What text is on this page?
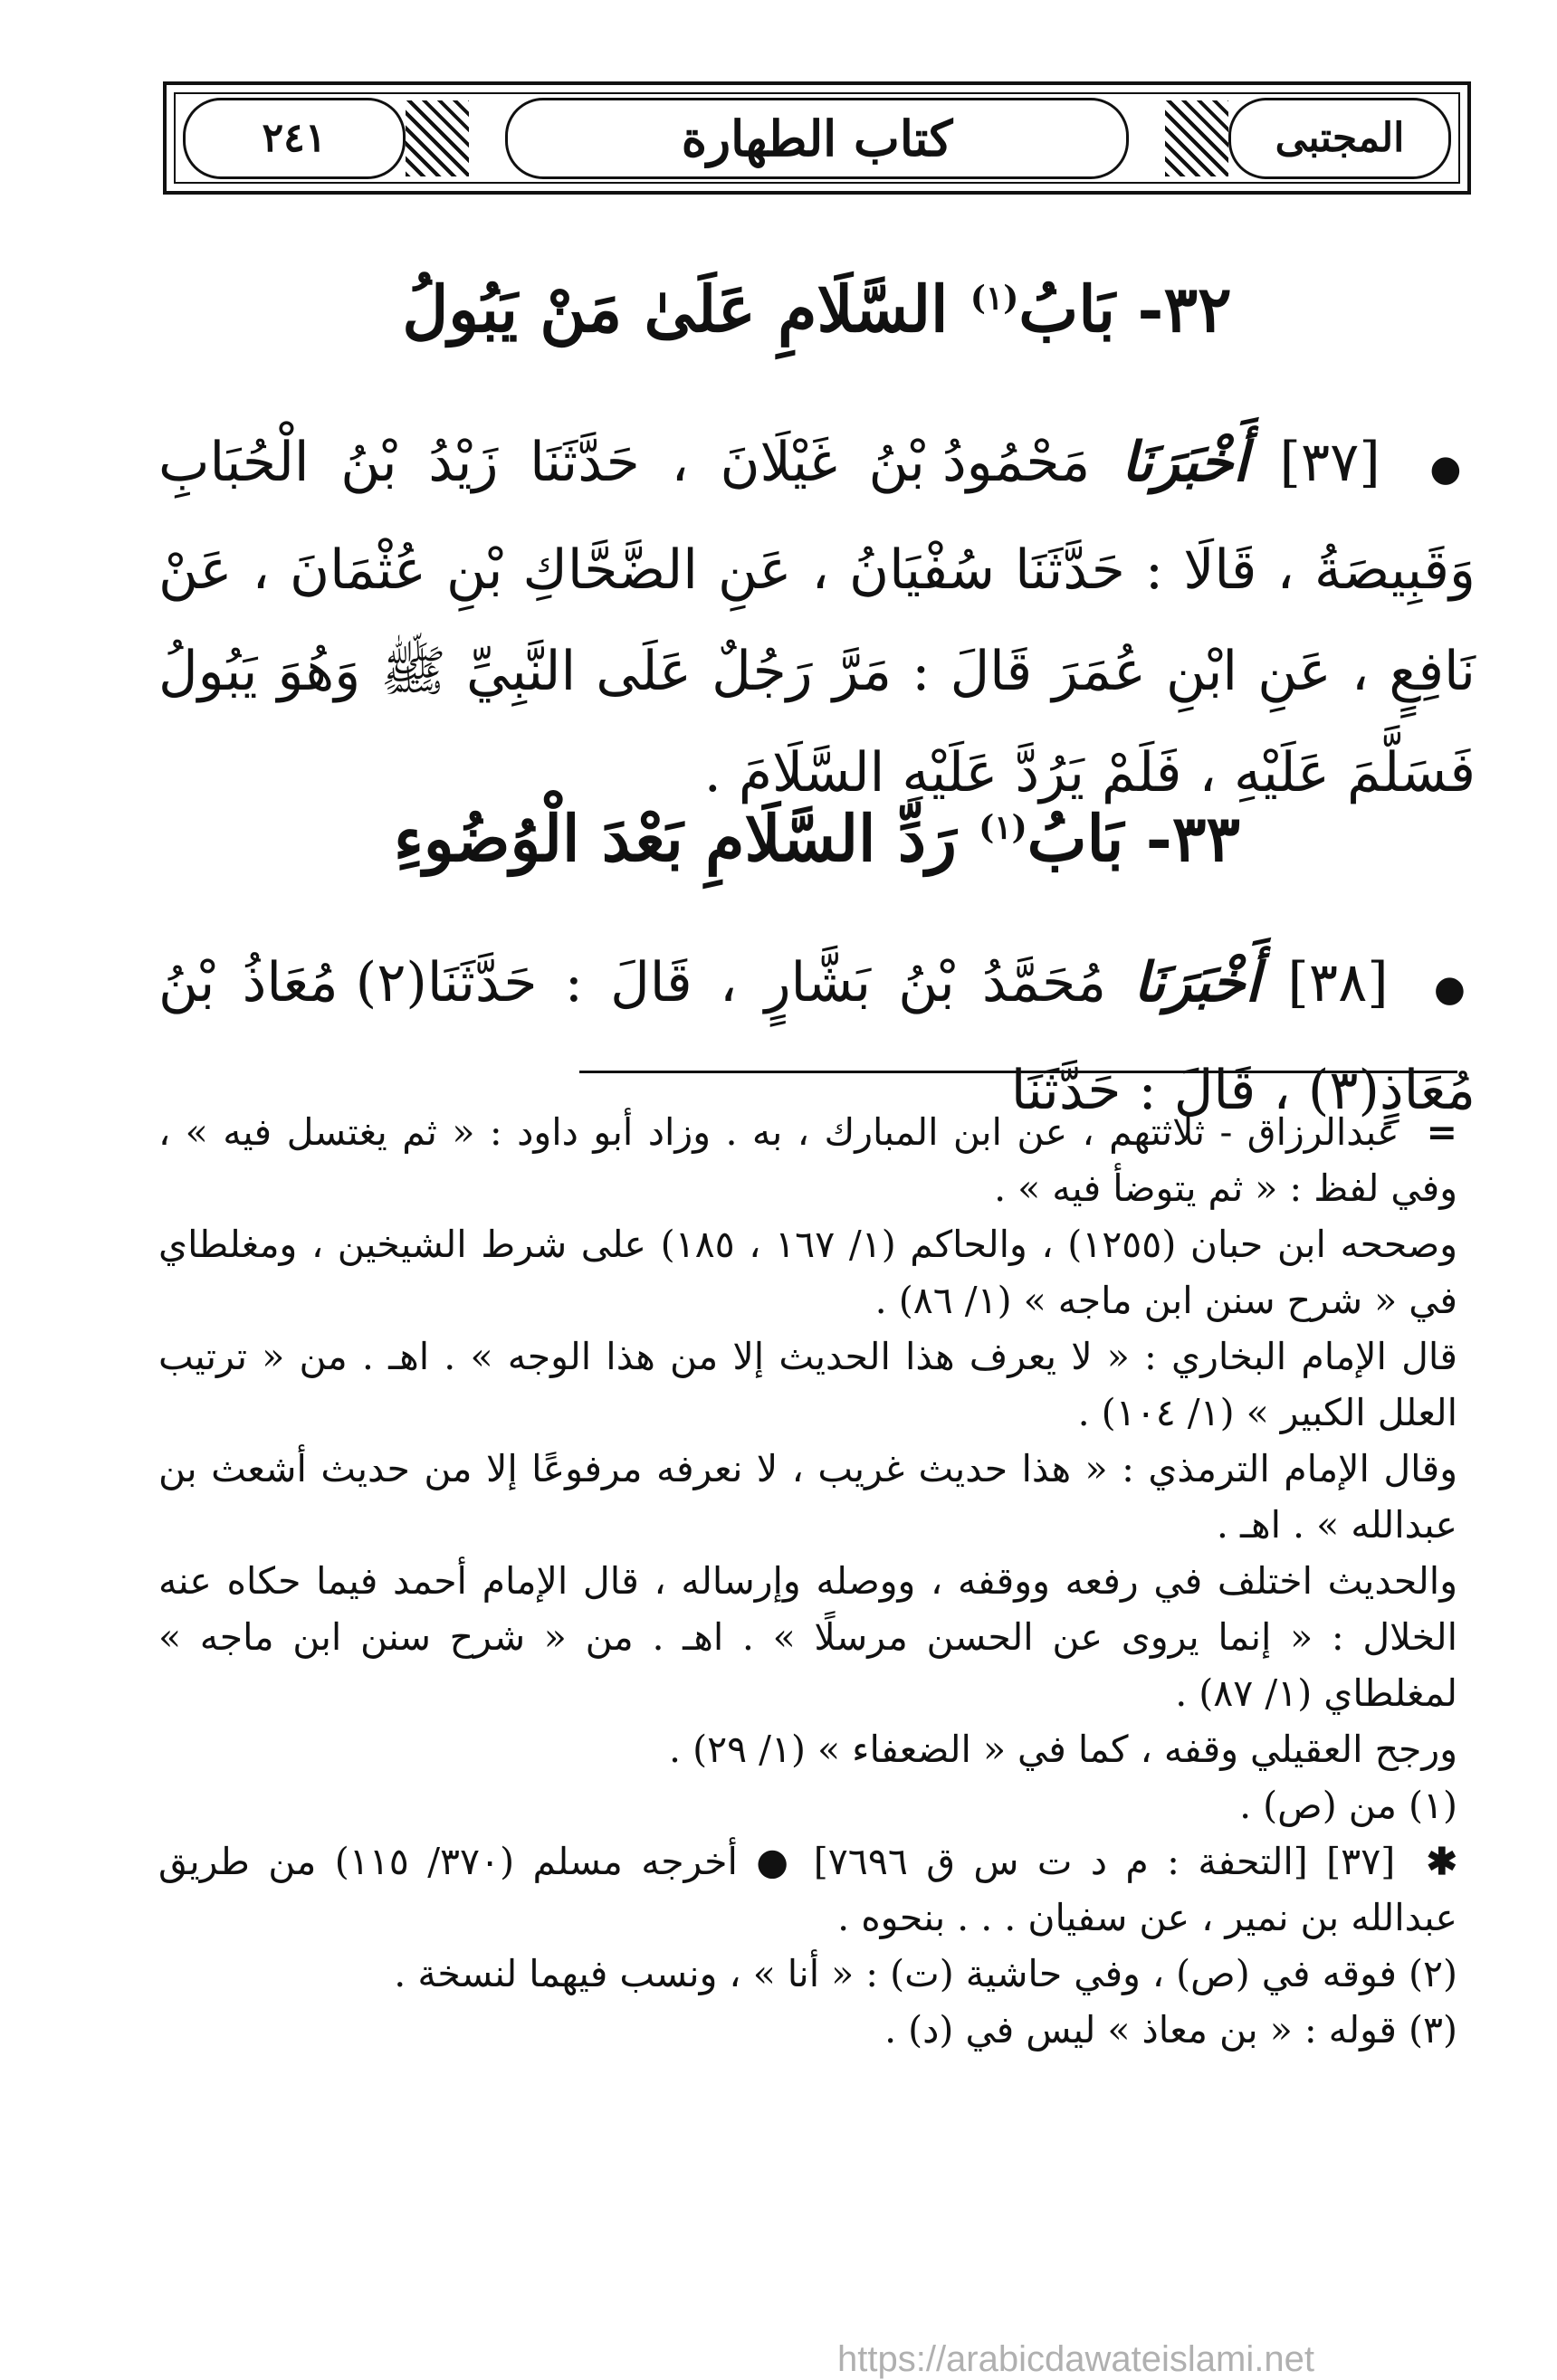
المجتبى
كتاب الطهارة
٢٤١
٣٢- بَابُ$^{(١)}$ السَّلَامِ عَلَىٰ مَنْ يَبُولُ
● [٣٧] أَخْبَرَنَا مَحْمُودُ بْنُ غَيْلَانَ ، حَدَّثَنَا زَيْدُ بْنُ الْحُبَابِ وَقَبِيصَةُ ، قَالَا : حَدَّثَنَا سُفْيَانُ ، عَنِ الضَّحَّاكِ بْنِ عُثْمَانَ ، عَنْ نَافِعٍ ، عَنِ ابْنِ عُمَرَ قَالَ : مَرَّ رَجُلٌ عَلَى النَّبِيِّ ﷺ وَهُوَ يَبُولُ فَسَلَّمَ عَلَيْهِ ، فَلَمْ يَرُدَّ عَلَيْهِ السَّلَامَ .
٣٣- بَابُ$^{(١)}$ رَدِّ السَّلَامِ بَعْدَ الْوُضُوءِ
● [٣٨] أَخْبَرَنَا مُحَمَّدُ بْنُ بَشَّارٍ ، قَالَ : حَدَّثَنَا(٢) مُعَاذُ بْنُ مُعَاذٍ(٣) ، قَالَ : حَدَّثَنَا
=عبدالرزاق - ثلاثتهم ، عن ابن المبارك ، به . وزاد أبو داود : « ثم يغتسل فيه » ، وفي لفظ : « ثم يتوضأ فيه » .
وصححه ابن حبان (١٢٥٥) ، والحاكم (١/ ١٦٧ ، ١٨٥) على شرط الشيخين ، ومغلطاي في « شرح سنن ابن ماجه » (١/ ٨٦) .
قال الإمام البخاري : « لا يعرف هذا الحديث إلا من هذا الوجه » . اهـ . من « ترتيب العلل الكبير » (١/ ١٠٤) .
وقال الإمام الترمذي : « هذا حديث غريب ، لا نعرفه مرفوعًا إلا من حديث أشعث بن عبدالله » . اهـ .
والحديث اختلف في رفعه ووقفه ، ووصله وإرساله ، قال الإمام أحمد فيما حكاه عنه الخلال : « إنما يروى عن الحسن مرسلًا » . اهـ . من « شرح سنن ابن ماجه » لمغلطاي (١/ ٨٧) .
ورجح العقيلي وقفه ، كما في « الضعفاء » (١/ ٢٩) .
(١) من (ص) .
✱ [٣٧] [التحفة : م د ت س ق ٧٦٩٦] ● أخرجه مسلم (٣٧٠/ ١١٥) من طريق عبدالله بن نمير ، عن سفيان . . . بنحوه .
(٢) فوقه في (ص) ، وفي حاشية (ت) : « أنا » ، ونسب فيهما لنسخة .
(٣) قوله : « بن معاذ » ليس في (د) .
https://arabicdawateislami.net
